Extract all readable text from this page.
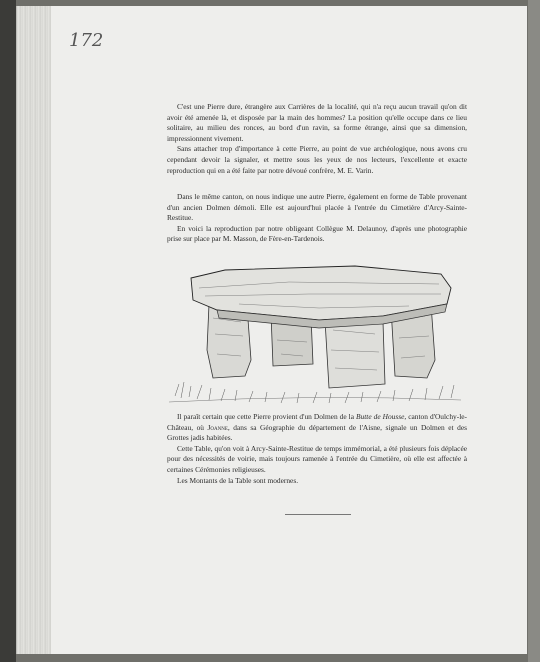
172

C'est une Pierre dure, étrangère aux Carrières de la localité, qui n'a reçu aucun travail qu'on dit avoir été amenée là, et disposée par la main des hommes? La position qu'elle occupe dans ce lieu solitaire, au milieu des ronces, au bord d'un ravin, sa forme étrange, ainsi que sa dimension, impressionnent vivement.

Sans attacher trop d'importance à cette Pierre, au point de vue archéologique, nous avons cru cependant devoir la signaler, et mettre sous les yeux de nos lecteurs, l'excellente et exacte reproduction qui en a été faite par notre dévoué confrère, M. E. Varin.

Dans le même canton, on nous indique une autre Pierre, également en forme de Table provenant d'un ancien Dolmen démoli. Elle est aujourd'hui placée à l'entrée du Cimetière d'Arcy-Sainte-Restitue.

En voici la reproduction par notre obligeant Collègue M. Delaunoy, d'après une photographie prise sur place par M. Masson, de Fère-en-Tardenois.

Il paraît certain que cette Pierre provient d'un Dolmen de la Butte de Housse, canton d'Oulchy-le-Château, où Joanne, dans sa Géographie du département de l'Aisne, signale un Dolmen et des Grottes jadis habitées.

Cette Table, qu'on voit à Arcy-Sainte-Restitue de temps immémorial, a été plusieurs fois déplacée pour des nécessités de voirie, mais toujours ramenée à l'entrée du Cimetière, où elle est affectée à certaines Cérémonies religieuses.

Les Montants de la Table sont modernes.
